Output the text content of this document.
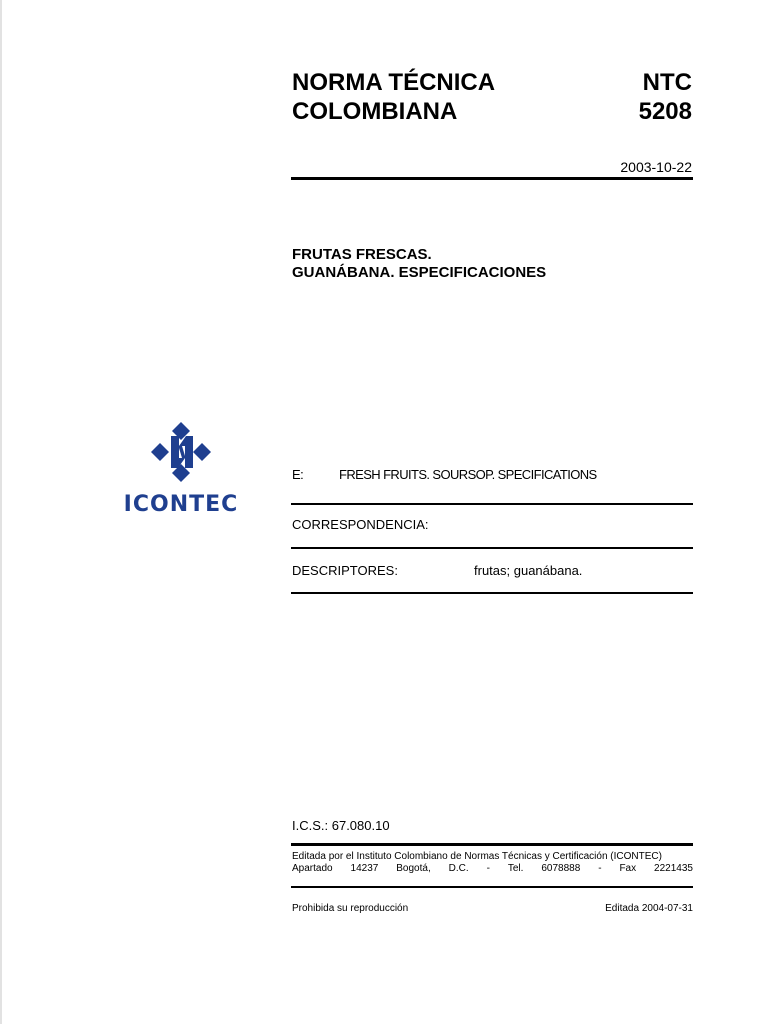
NORMA TÉCNICA
COLOMBIANA
NTC
5208
2003-10-22
FRUTAS FRESCAS.
GUANÁBANA. ESPECIFICACIONES
ICONTEC
E:	FRESH FRUITS. SOURSOP. SPECIFICATIONS
CORRESPONDENCIA:
DESCRIPTORES:	frutas; guanábana.
I.C.S.: 67.080.10
Editada por el Instituto Colombiano de Normas Técnicas y Certificación (ICONTEC)
Apartado 14237 Bogotá, D.C. - Tel. 6078888 - Fax 2221435
Prohibida su reproducción	Editada 2004-07-31
